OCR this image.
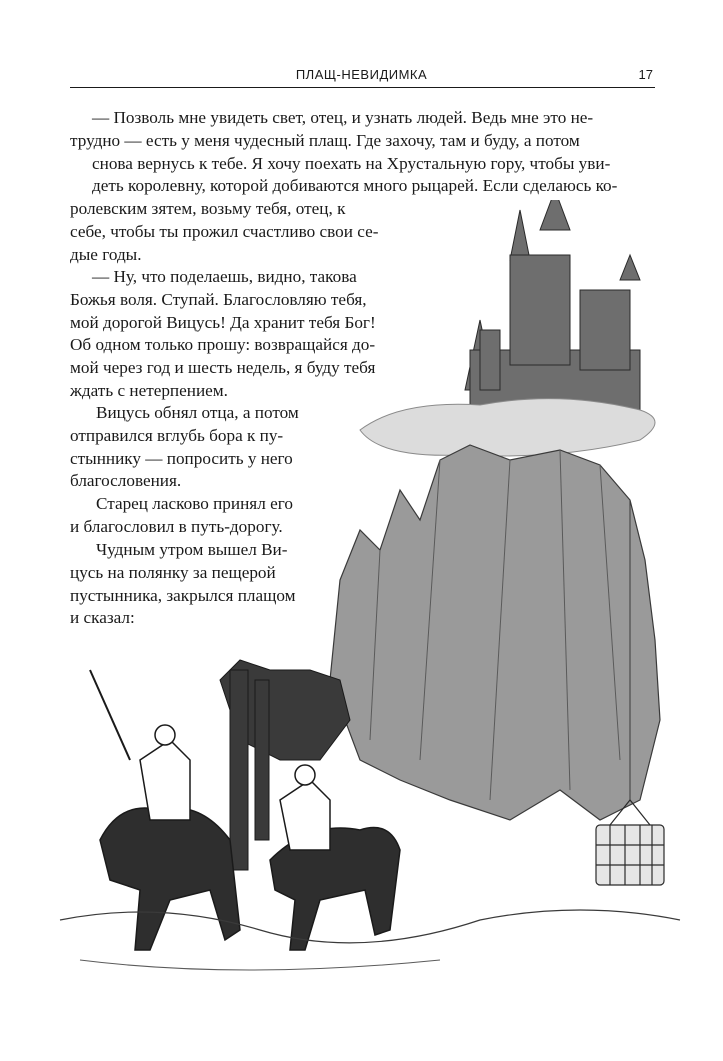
ПЛАЩ-НЕВИДИМКА	17

— Позволь мне увидеть свет, отец, и узнать людей. Ведь мне это не-
трудно — есть у меня чудесный плащ. Где захочу, там и буду, а потом
снова вернусь к тебе. Я хочу поехать на Хрустальную гору, чтобы уви-
деть королевну, которой добиваются много рыцарей. Если сделаюсь ко-

ролевским зятем, возьму тебя, отец, к
себе, чтобы ты прожил счастливо свои се-
дые годы.

— Ну, что поделаешь, видно, такова
Божья воля. Ступай. Благословляю тебя,
мой дорогой Вицусь! Да хранит тебя Бог!
Об одном только прошу: возвращайся до-
мой через год и шесть недель, я буду тебя
ждать с нетерпением.

Вицусь обнял отца, а потом
отправился вглубь бора к пу-
стыннику — попросить у него
благословения.

Старец ласково принял его
и благословил в путь-дорогу.

Чудным утром вышел Ви-
цусь на полянку за пещерой
пустынника, закрылся плащом
и сказал:
